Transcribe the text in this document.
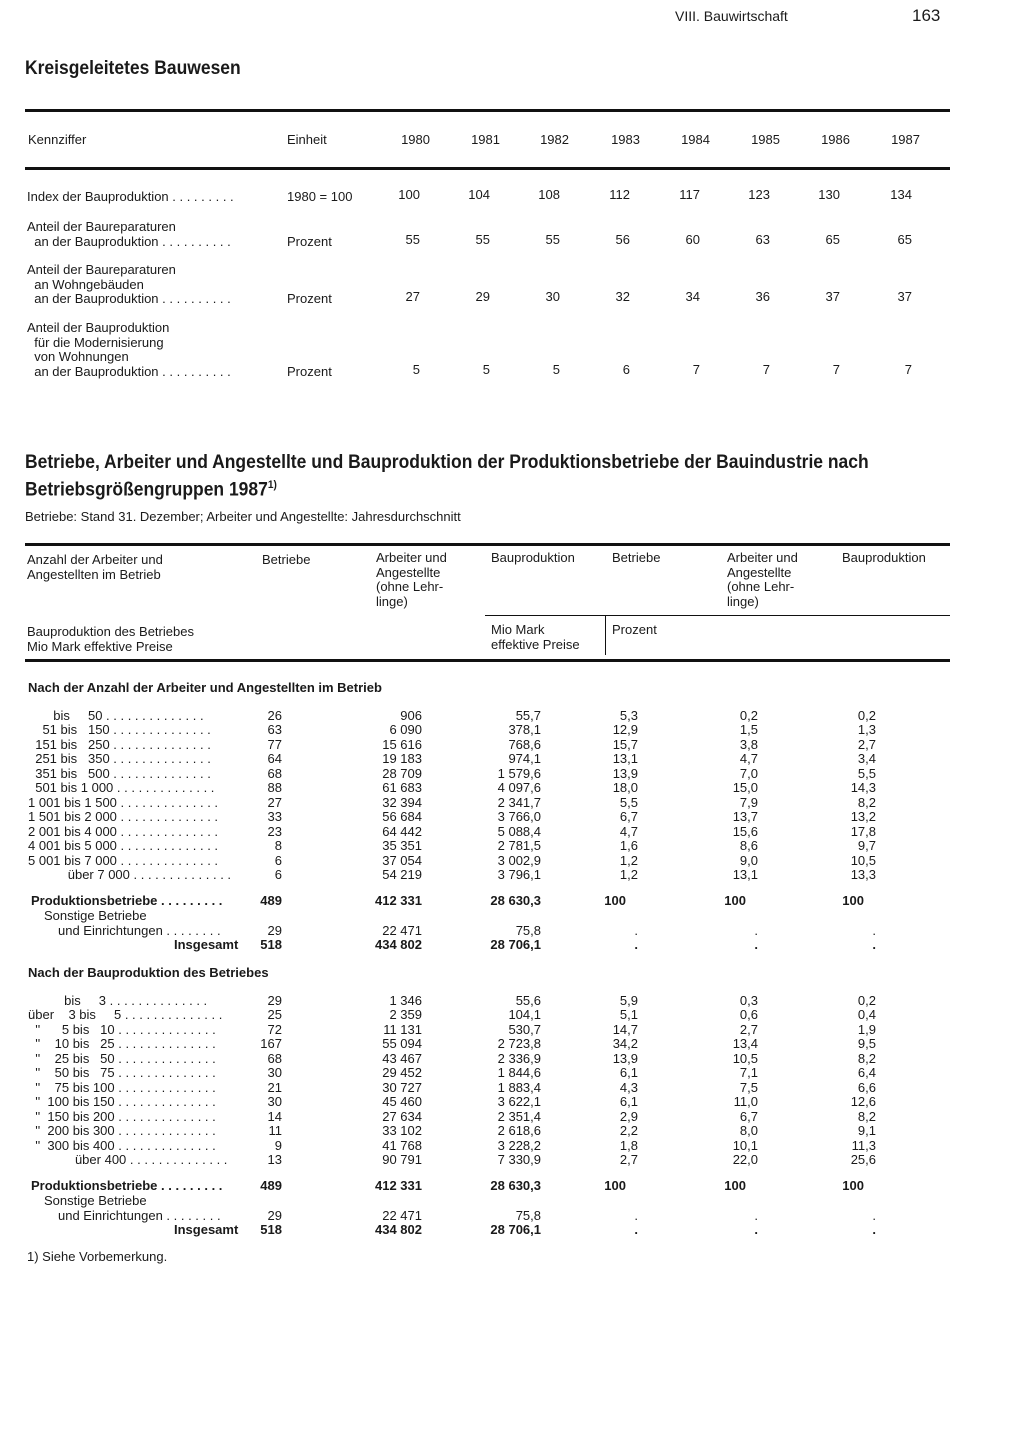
VIII. Bauwirtschaft	163
Kreisgeleitetes Bauwesen
Kennziffer	Einheit	1980	1981	1982	1983	1984	1985	1986	1987
Index der Bauproduktion . . . . . . . . .	1980 = 100	100	104	108	112	117	123	130	134
Anteil der Baureparaturen
an der Bauproduktion . . . . . . . . . .	Prozent	55	55	55	56	60	63	65	65
Anteil der Baureparaturen
an Wohngebäuden
an der Bauproduktion . . . . . . . . . .	Prozent	27	29	30	32	34	36	37	37
Anteil der Bauproduktion
für die Modernisierung
von Wohnungen
an der Bauproduktion . . . . . . . . . .	Prozent	5	5	5	6	7	7	7	7
Betriebe, Arbeiter und Angestellte und Bauproduktion der Produktionsbetriebe der Bauindustrie nach Betriebsgrößengruppen 1987$^{1)}$
Betriebe: Stand 31. Dezember; Arbeiter und Angestellte: Jahresdurchschnitt
Anzahl der Arbeiter und
Angestellten im Betrieb
Betriebe	Arbeiter und
Angestellte
(ohne Lehr-
linge)
Bauproduktion	Betriebe	Arbeiter und
Angestellte
(ohne Lehr-
linge)
Bauproduktion
Bauproduktion des Betriebes
Mio Mark effektive Preise
Mio Mark
effektive Preise
Prozent
Nach der Anzahl der Arbeiter und Angestellten im Betrieb
bis     50 . . . . . . . . . . . . . .	26	906	55,7	5,3	0,2	0,2
51 bis   150 . . . . . . . . . . . . . .	63	6 090	378,1	12,9	1,5	1,3
151 bis   250 . . . . . . . . . . . . . .	77	15 616	768,6	15,7	3,8	2,7
251 bis   350 . . . . . . . . . . . . . .	64	19 183	974,1	13,1	4,7	3,4
351 bis   500 . . . . . . . . . . . . . .	68	28 709	1 579,6	13,9	7,0	5,5
501 bis 1 000 . . . . . . . . . . . . . .	88	61 683	4 097,6	18,0	15,0	14,3
1 001 bis 1 500 . . . . . . . . . . . . . .	27	32 394	2 341,7	5,5	7,9	8,2
1 501 bis 2 000 . . . . . . . . . . . . . .	33	56 684	3 766,0	6,7	13,7	13,2
2 001 bis 4 000 . . . . . . . . . . . . . .	23	64 442	5 088,4	4,7	15,6	17,8
4 001 bis 5 000 . . . . . . . . . . . . . .	8	35 351	2 781,5	1,6	8,6	9,7
5 001 bis 7 000 . . . . . . . . . . . . . .	6	37 054	3 002,9	1,2	9,0	10,5
über 7 000 . . . . . . . . . . . . . .	6	54 219	3 796,1	1,2	13,1	13,3
Produktionsbetriebe . . . . . . . . .	489	412 331	28 630,3	100	100	100
Sonstige Betriebe
und Einrichtungen . . . . . . . .	29	22 471	75,8	.	.	.
Insgesamt 518	434 802	28 706,1	.	.	.
Nach der Bauproduktion des Betriebes
bis     3 . . . . . . . . . . . . . .	29	1 346	55,6	5,9	0,3	0,2
über    3 bis     5 . . . . . . . . . . . . . .	25	2 359	104,1	5,1	0,6	0,4
''      5 bis   10 . . . . . . . . . . . . . .	72	11 131	530,7	14,7	2,7	1,9
''    10 bis   25 . . . . . . . . . . . . . .	167	55 094	2 723,8	34,2	13,4	9,5
''    25 bis   50 . . . . . . . . . . . . . .	68	43 467	2 336,9	13,9	10,5	8,2
''    50 bis   75 . . . . . . . . . . . . . .	30	29 452	1 844,6	6,1	7,1	6,4
''    75 bis 100 . . . . . . . . . . . . . .	21	30 727	1 883,4	4,3	7,5	6,6
''  100 bis 150 . . . . . . . . . . . . . .	30	45 460	3 622,1	6,1	11,0	12,6
''  150 bis 200 . . . . . . . . . . . . . .	14	27 634	2 351,4	2,9	6,7	8,2
''  200 bis 300 . . . . . . . . . . . . . .	11	33 102	2 618,6	2,2	8,0	9,1
''  300 bis 400 . . . . . . . . . . . . . .	9	41 768	3 228,2	1,8	10,1	11,3
über 400 . . . . . . . . . . . . . .	13	90 791	7 330,9	2,7	22,0	25,6
Produktionsbetriebe . . . . . . . . .	489	412 331	28 630,3	100	100	100
Sonstige Betriebe
und Einrichtungen . . . . . . . .	29	22 471	75,8	.	.	.
Insgesamt 518	434 802	28 706,1	.	.	.
1) Siehe Vorbemerkung.
